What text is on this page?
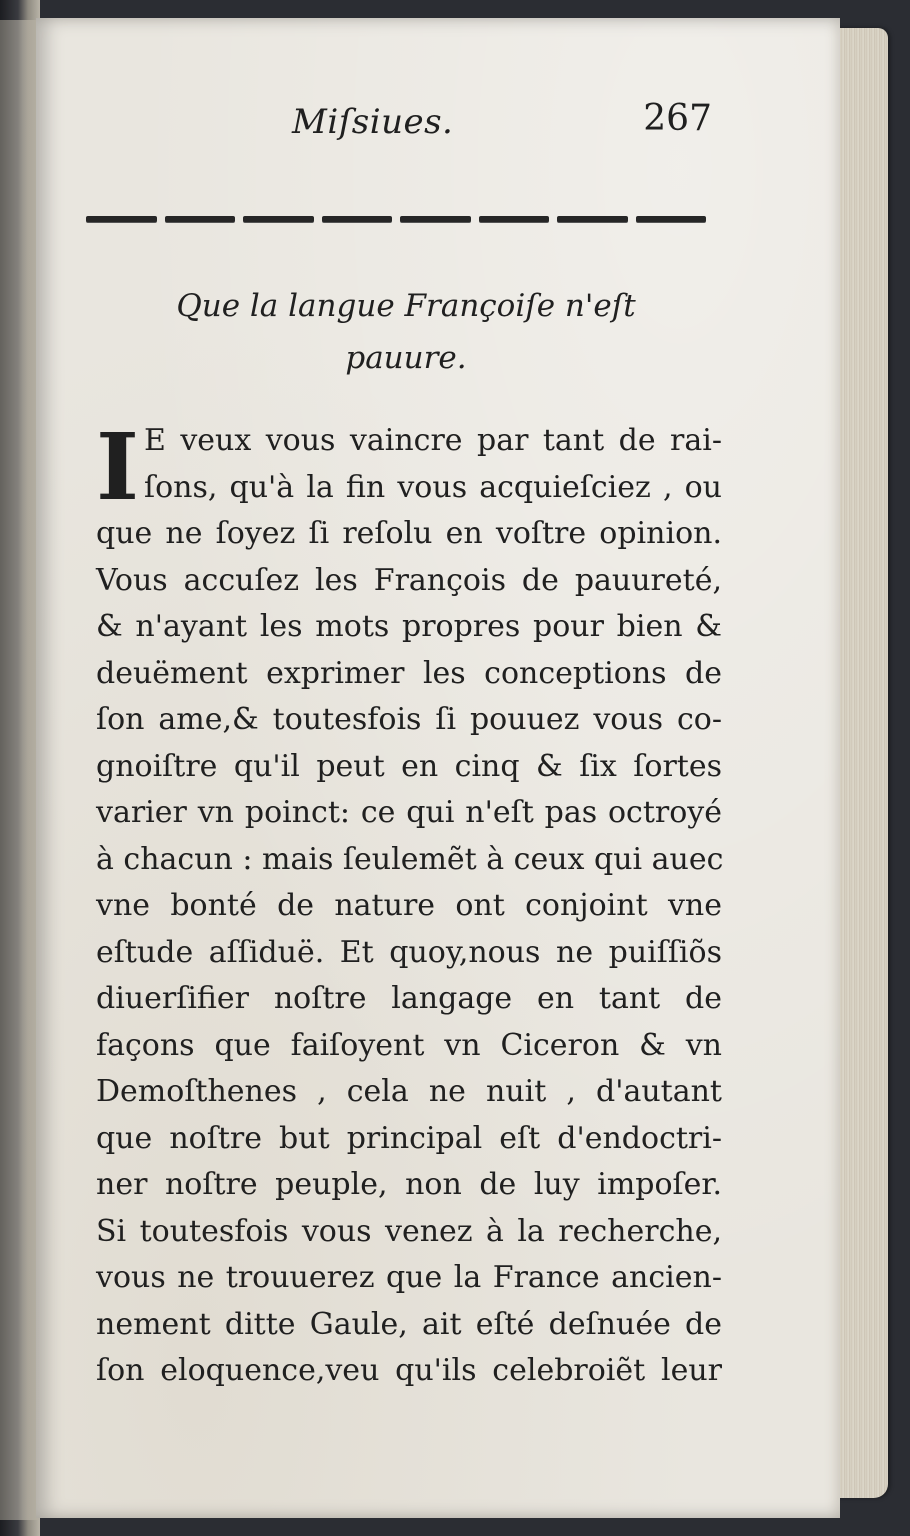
Miſsiues.	267
Que la langue Françoiſe n'eſt
pauure.
I E veux vous vaincre par tant de rai-
ſons, qu'à la fin vous acquieſciez , ou
que ne ſoyez ſi reſolu en voſtre opinion.
Vous accuſez les François de pauureté,
& n'ayant les mots propres pour bien &
deuëment exprimer les conceptions de
ſon ame,& toutesfois ſi pouuez vous co-
gnoiſtre qu'il peut en cinq & ſix ſortes
varier vn poinct: ce qui n'eſt pas octroyé
à chacun : mais ſeulemẽt à ceux qui auec
vne bonté de nature ont conjoint vne
eſtude aſſiduë. Et quoy,nous ne puiſſiõs
diuerſifier noſtre langage en tant de
façons que faiſoyent vn Ciceron & vn
Demoſthenes , cela ne nuit , d'autant
que noſtre but principal eſt d'endoctri-
ner noſtre peuple, non de luy impoſer.
Si toutesfois vous venez à la recherche,
vous ne trouuerez que la France ancien-
nement ditte Gaule, ait eſté deſnuée de
ſon eloquence,veu qu'ils celebroiẽt leur
